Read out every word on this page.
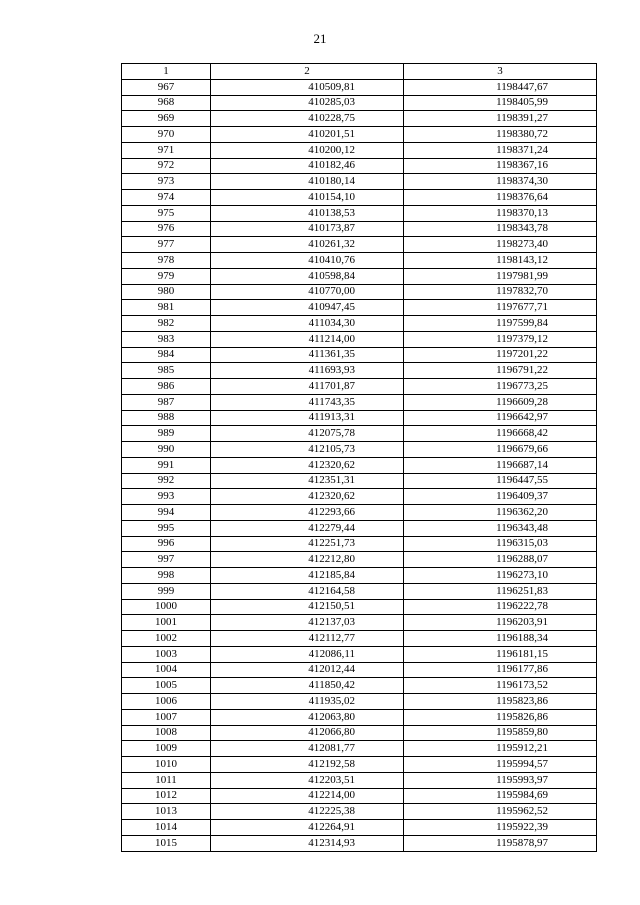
21
1	2	3
967	410509,81	1198447,67
968	410285,03	1198405,99
969	410228,75	1198391,27
970	410201,51	1198380,72
971	410200,12	1198371,24
972	410182,46	1198367,16
973	410180,14	1198374,30
974	410154,10	1198376,64
975	410138,53	1198370,13
976	410173,87	1198343,78
977	410261,32	1198273,40
978	410410,76	1198143,12
979	410598,84	1197981,99
980	410770,00	1197832,70
981	410947,45	1197677,71
982	411034,30	1197599,84
983	411214,00	1197379,12
984	411361,35	1197201,22
985	411693,93	1196791,22
986	411701,87	1196773,25
987	411743,35	1196609,28
988	411913,31	1196642,97
989	412075,78	1196668,42
990	412105,73	1196679,66
991	412320,62	1196687,14
992	412351,31	1196447,55
993	412320,62	1196409,37
994	412293,66	1196362,20
995	412279,44	1196343,48
996	412251,73	1196315,03
997	412212,80	1196288,07
998	412185,84	1196273,10
999	412164,58	1196251,83
1000	412150,51	1196222,78
1001	412137,03	1196203,91
1002	412112,77	1196188,34
1003	412086,11	1196181,15
1004	412012,44	1196177,86
1005	411850,42	1196173,52
1006	411935,02	1195823,86
1007	412063,80	1195826,86
1008	412066,80	1195859,80
1009	412081,77	1195912,21
1010	412192,58	1195994,57
1011	412203,51	1195993,97
1012	412214,00	1195984,69
1013	412225,38	1195962,52
1014	412264,91	1195922,39
1015	412314,93	1195878,97
